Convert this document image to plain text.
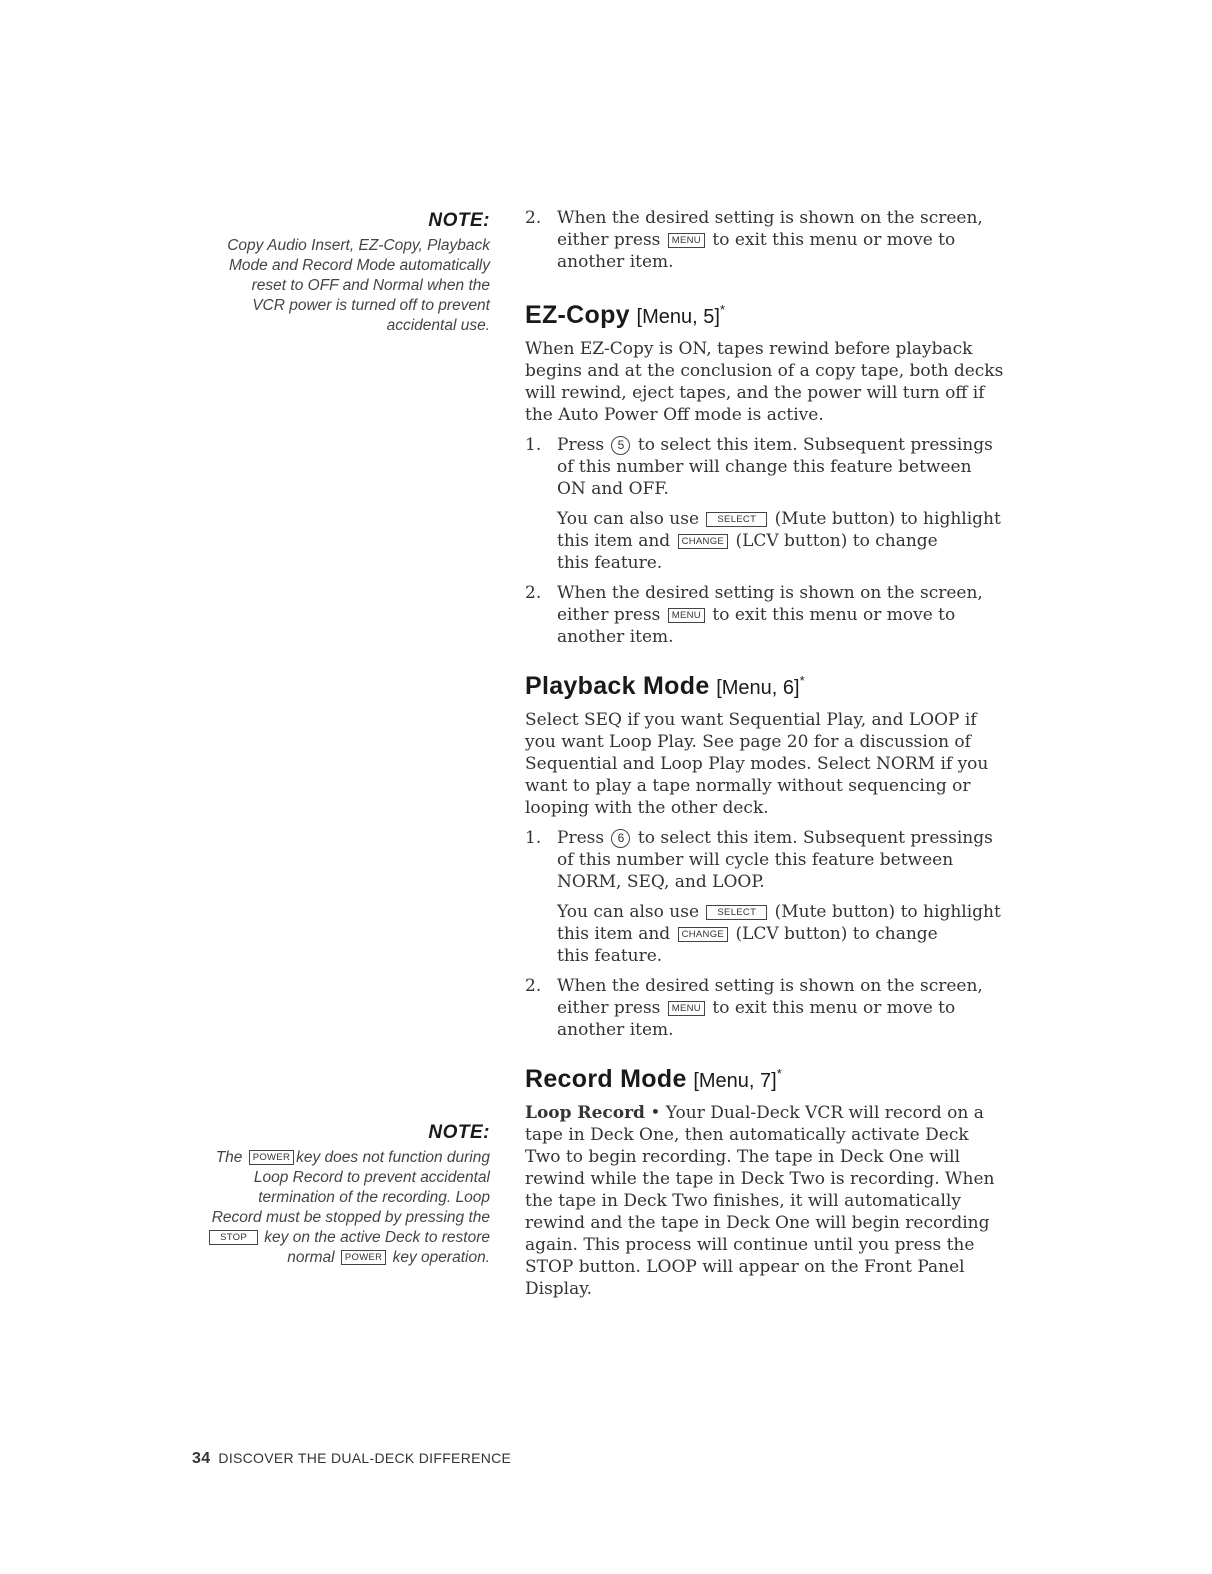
NOTE:
Copy Audio Insert, EZ-Copy, Playback
Mode and Record Mode automatically
reset to OFF and Normal when the
VCR power is turned off to prevent
accidental use.
NOTE:
The POWER key does not function during
Loop Record to prevent accidental
termination of the recording. Loop
Record must be stopped by pressing the
STOP key on the active Deck to restore
normal POWER key operation.
2. When the desired setting is shown on the screen,
either press MENU to exit this menu or move to
another item.
EZ-Copy [Menu, 5]*
When EZ-Copy is ON, tapes rewind before playback
begins and at the conclusion of a copy tape, both decks
will rewind, eject tapes, and the power will turn off if
the Auto Power Off mode is active.
1. Press 5 to select this item. Subsequent pressings
of this number will change this feature between
ON and OFF.
You can also use SELECT (Mute button) to highlight
this item and CHANGE (LCV button) to change
this feature.
2. When the desired setting is shown on the screen,
either press MENU to exit this menu or move to
another item.
Playback Mode [Menu, 6]*
Select SEQ if you want Sequential Play, and LOOP if
you want Loop Play. See page 20 for a discussion of
Sequential and Loop Play modes. Select NORM if you
want to play a tape normally without sequencing or
looping with the other deck.
1. Press 6 to select this item. Subsequent pressings
of this number will cycle this feature between
NORM, SEQ, and LOOP.
You can also use SELECT (Mute button) to highlight
this item and CHANGE (LCV button) to change
this feature.
2. When the desired setting is shown on the screen,
either press MENU to exit this menu or move to
another item.
Record Mode [Menu, 7]*
Loop Record • Your Dual-Deck VCR will record on a
tape in Deck One, then automatically activate Deck
Two to begin recording. The tape in Deck One will
rewind while the tape in Deck Two is recording. When
the tape in Deck Two finishes, it will automatically
rewind and the tape in Deck One will begin recording
again. This process will continue until you press the
STOP button. LOOP will appear on the Front Panel
Display.
34 DISCOVER THE DUAL-DECK DIFFERENCE
